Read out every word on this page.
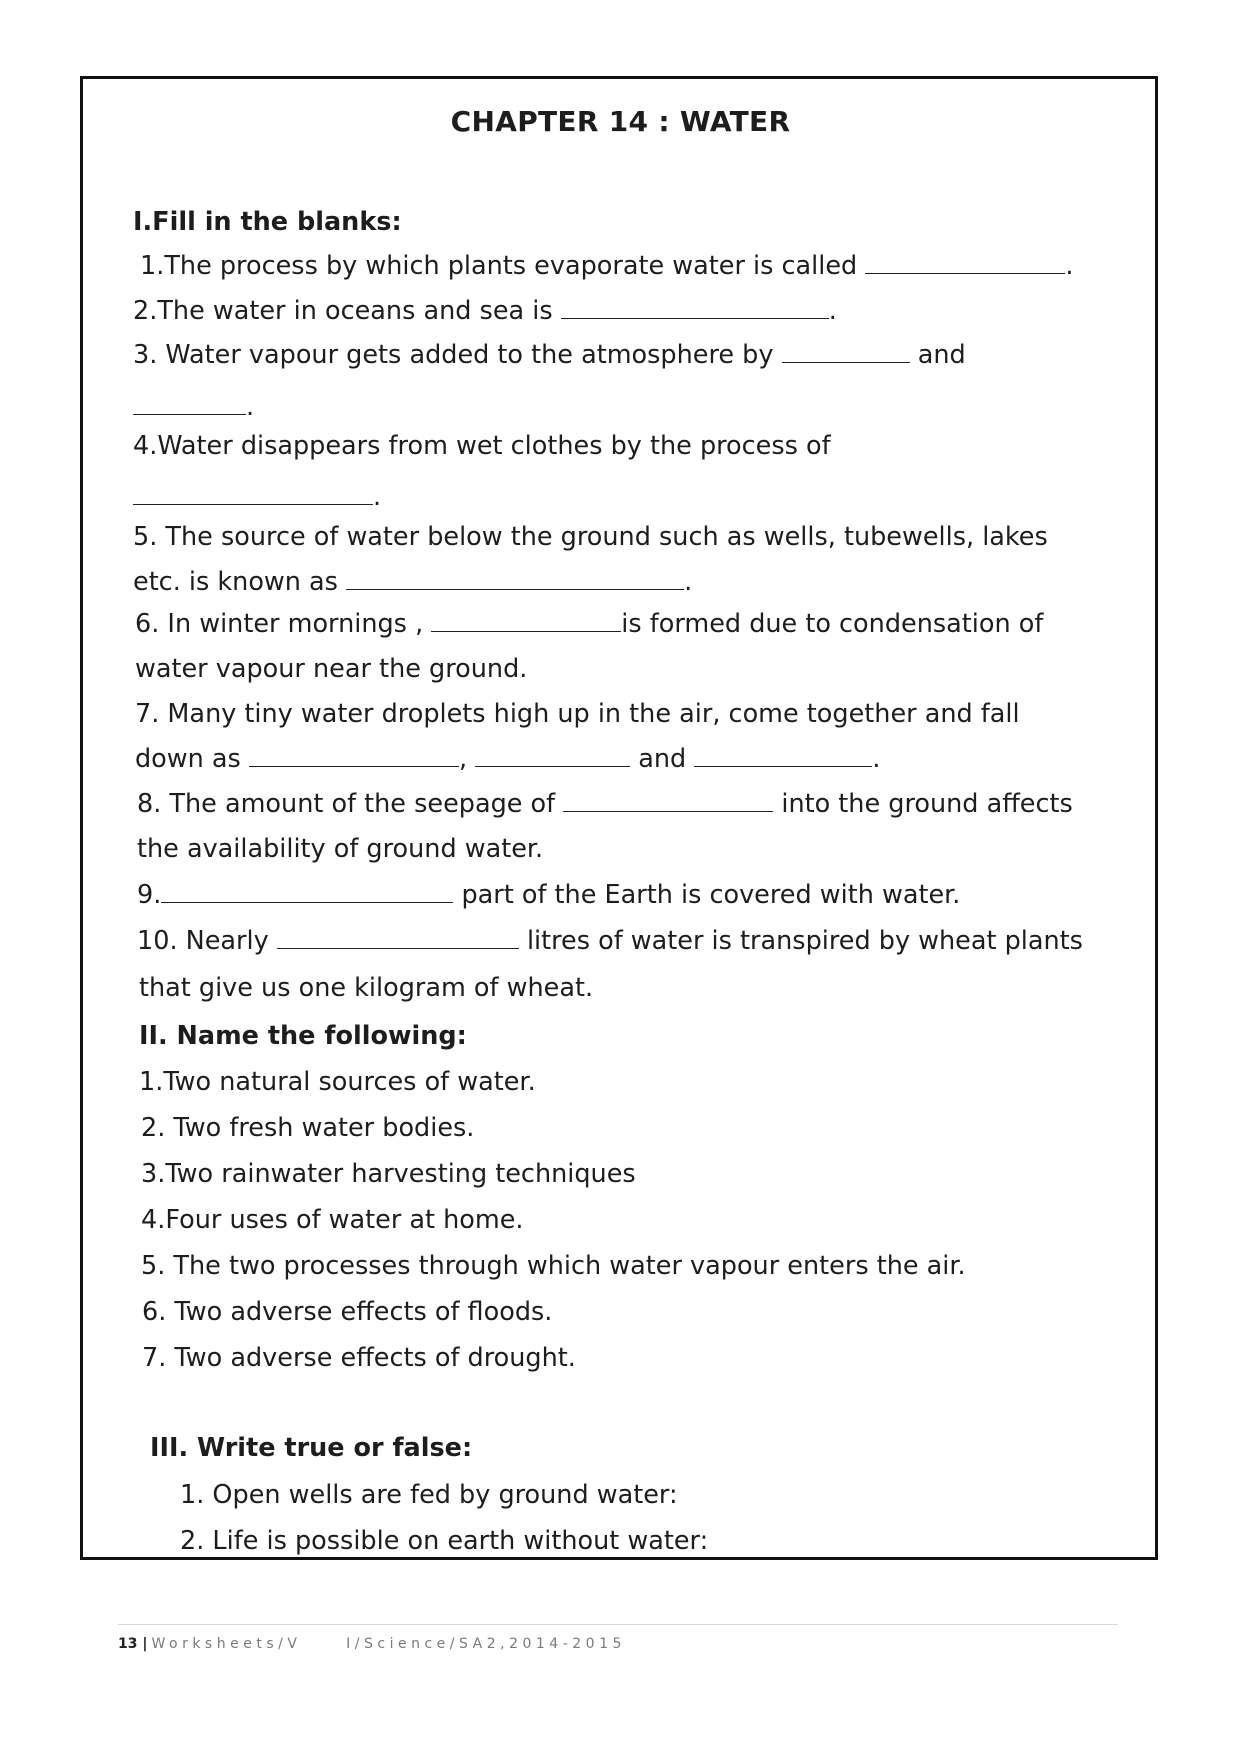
CHAPTER 14 : WATER
I.Fill in the blanks:
1.The process by which plants evaporate water is called	.
2.The water in oceans and sea is	.
3. Water vapour gets added to the atmosphere by	and
.
4.Water disappears from wet clothes by the process of
.
5. The source of water below the ground such as wells, tubewells, lakes
etc. is known as	.
6. In winter mornings ,	is formed due to condensation of
water vapour near the ground.
7. Many tiny water droplets high up in the air, come together and fall
down as	,	and	.
8. The amount of the seepage of	into the ground affects
the availability of ground water.
9.	part of the Earth is covered with water.
10. Nearly	litres of water is transpired by wheat plants
that give us one kilogram of wheat.
II. Name the following:
1.Two natural sources of water.
2. Two fresh water bodies.
3.Two rainwater harvesting techniques
4.Four uses of water at home.
5. The two processes through which water vapour enters the air.
6. Two adverse effects of floods.
7. Two adverse effects of drought.
III. Write true or false:
1. Open wells are fed by ground water:
2. Life is possible on earth without water:
13 | Worksheets/V     I/Science/SA2,2014-2015
